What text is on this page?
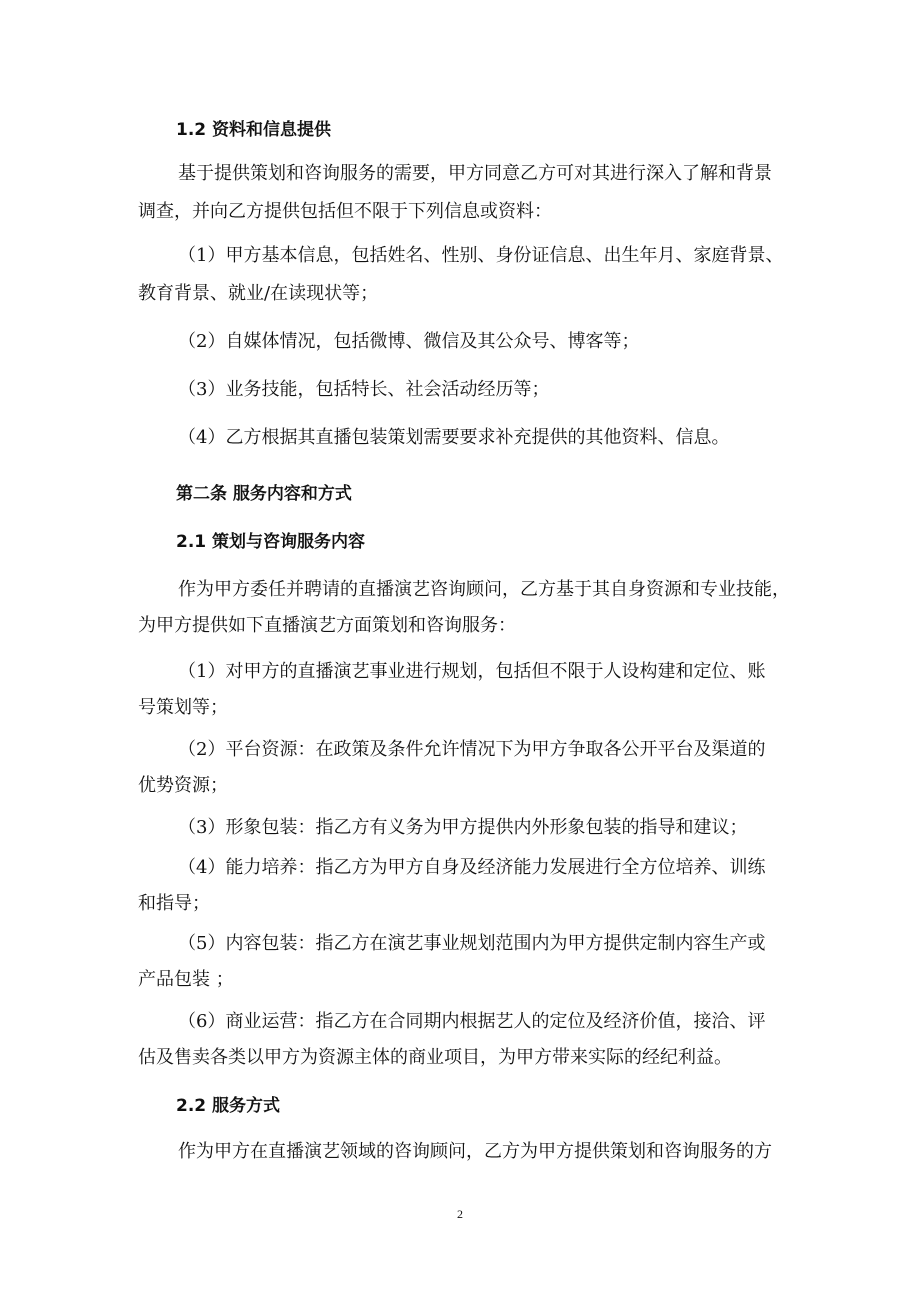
1.2 资料和信息提供
基于提供策划和咨询服务的需要，甲方同意乙方可对其进行深入了解和背景
调查，并向乙方提供包括但不限于下列信息或资料：
（1）甲方基本信息，包括姓名、性别、身份证信息、出生年月、家庭背景、
教育背景、就业/在读现状等；
（2）自媒体情况，包括微博、微信及其公众号、博客等；
（3）业务技能，包括特长、社会活动经历等；
（4）乙方根据其直播包装策划需要要求补充提供的其他资料、信息。
第二条 服务内容和方式
2.1 策划与咨询服务内容
作为甲方委任并聘请的直播演艺咨询顾问，乙方基于其自身资源和专业技能，
为甲方提供如下直播演艺方面策划和咨询服务：
（1）对甲方的直播演艺事业进行规划，包括但不限于人设构建和定位、账
号策划等；
（2）平台资源：在政策及条件允许情况下为甲方争取各公开平台及渠道的
优势资源；
（3）形象包装：指乙方有义务为甲方提供内外形象包装的指导和建议；
（4）能力培养：指乙方为甲方自身及经济能力发展进行全方位培养、训练
和指导；
（5）内容包装：指乙方在演艺事业规划范围内为甲方提供定制内容生产或
产品包装 ；
（6）商业运营：指乙方在合同期内根据艺人的定位及经济价值，接洽、评
估及售卖各类以甲方为资源主体的商业项目，为甲方带来实际的经纪利益。
2.2 服务方式
作为甲方在直播演艺领域的咨询顾问，乙方为甲方提供策划和咨询服务的方
2
